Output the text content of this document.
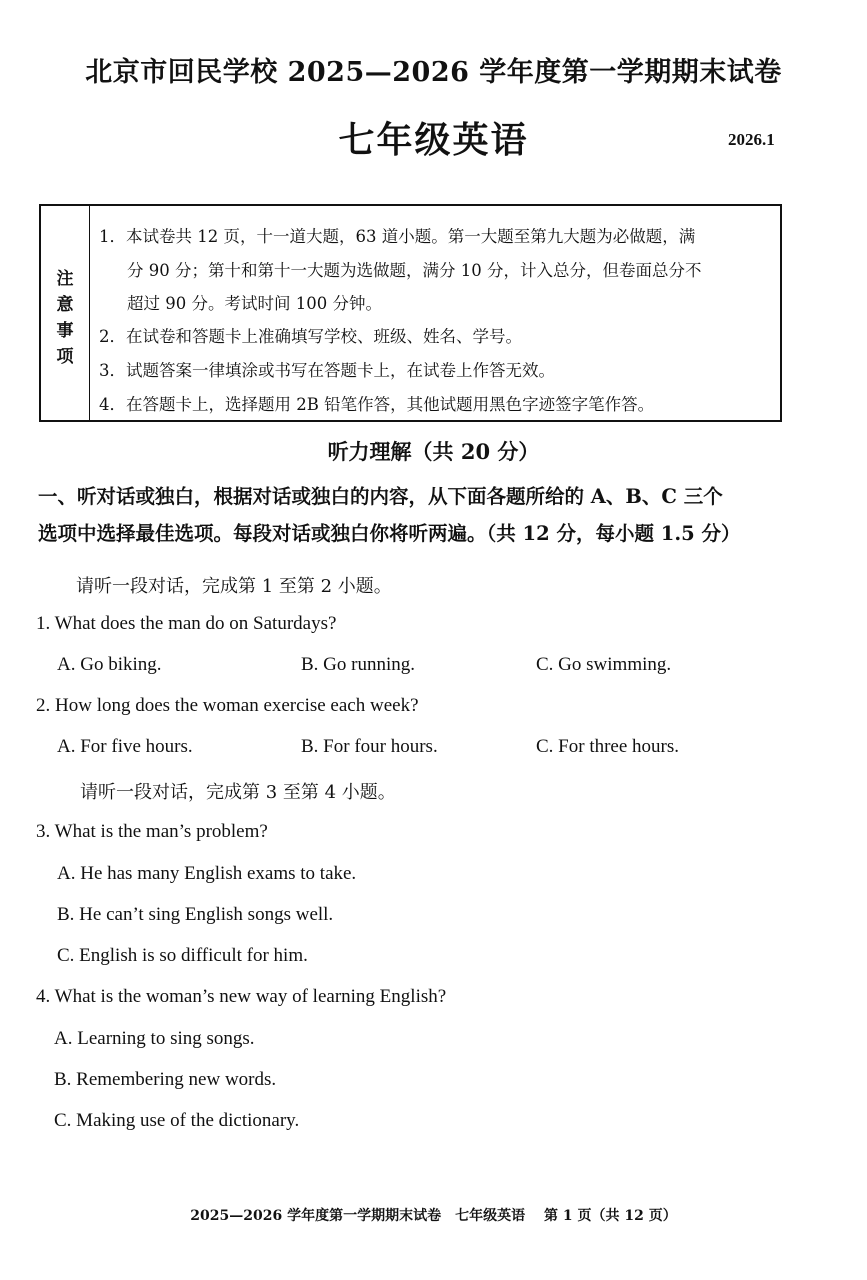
北京市回民学校 2025—2026 学年度第一学期期末试卷
七年级英语	2026.1
注
意
事
项
1．本试卷共 12 页，十一道大题，63 道小题。第一大题至第九大题为必做题，满
分 90 分；第十和第十一大题为选做题，满分 10 分，计入总分，但卷面总分不
超过 90 分。考试时间 100 分钟。
2．在试卷和答题卡上准确填写学校、班级、姓名、学号。
3．试题答案一律填涂或书写在答题卡上，在试卷上作答无效。
4．在答题卡上，选择题用 2B 铅笔作答，其他试题用黑色字迹签字笔作答。
听力理解（共 20 分）
一、听对话或独白，根据对话或独白的内容，从下面各题所给的 A、B、C 三个
选项中选择最佳选项。每段对话或独白你将听两遍。（共 12 分，每小题 1.5 分）
请听一段对话，完成第 1 至第 2 小题。
1. What does the man do on Saturdays?
A. Go biking.	B. Go running.	C. Go swimming.
2. How long does the woman exercise each week?
A. For five hours.	B. For four hours.	C. For three hours.
请听一段对话，完成第 3 至第 4 小题。
3. What is the man’s problem?
A. He has many English exams to take.
B. He can’t sing English songs well.
C. English is so difficult for him.
4. What is the woman’s new way of learning English?
A. Learning to sing songs.
B. Remembering new words.
C. Making use of the dictionary.
2025—2026 学年度第一学期期末试卷　七年级英语　 第 1 页（共 12 页）
